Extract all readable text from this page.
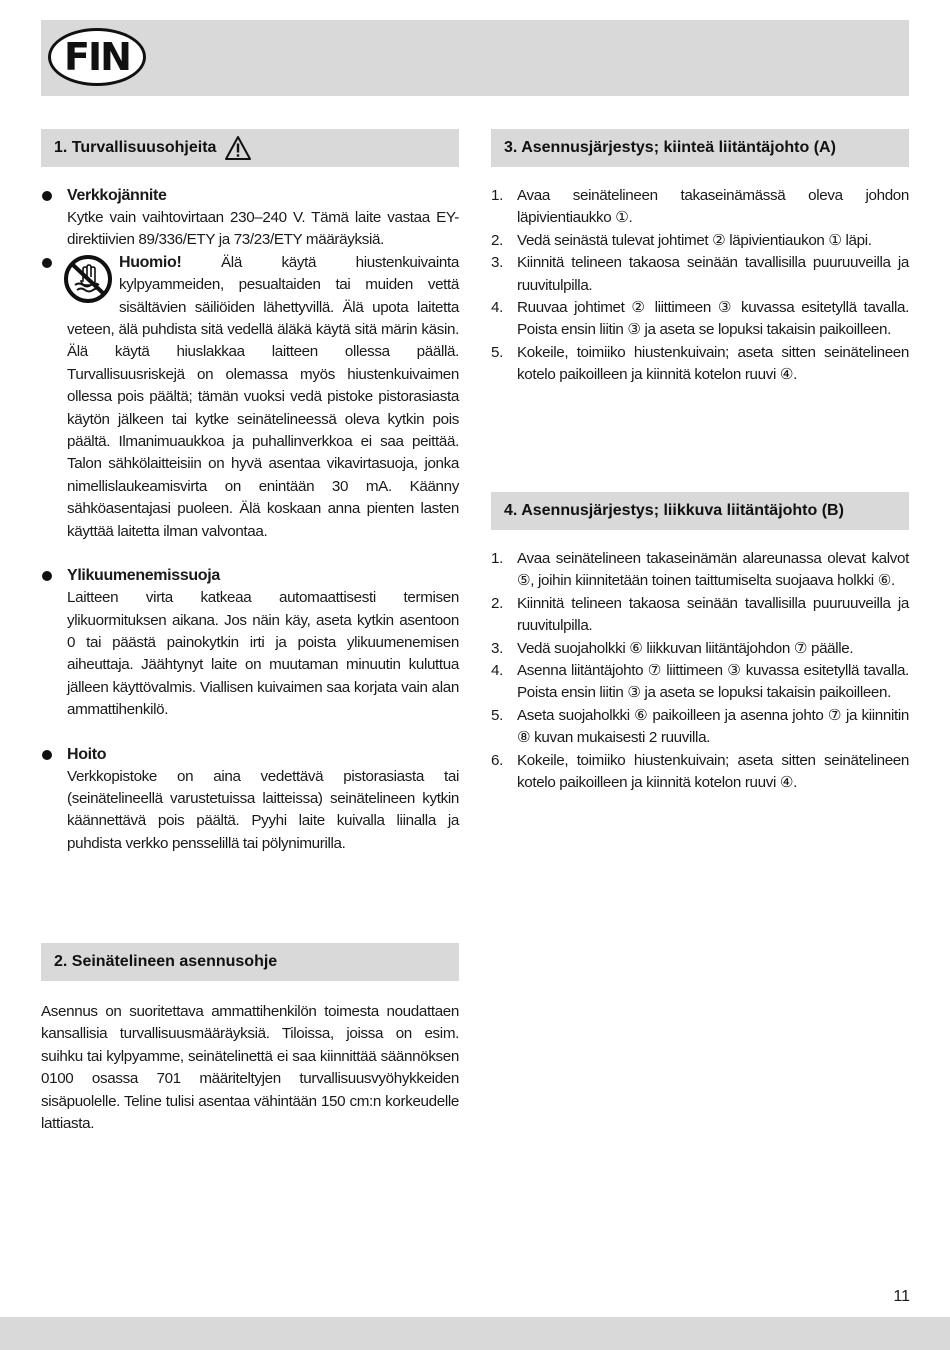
FIN
1. Turvallisuusohjeita
Verkkojännite
Kytke vain vaihtovirtaan 230–240 V. Tämä laite vastaa EY-direktiivien 89/336/ETY ja 73/23/ETY määräyksiä.
Huomio!	Älä käytä hiustenkuivainta kylpyammeiden, pesualtaiden tai muiden vettä sisältävien säiliöiden lähettyvillä. Älä upota laitetta veteen, älä puhdista sitä vedellä äläkä käytä sitä märin käsin. Älä käytä hiuslakkaa laitteen ollessa päällä. Turvallisuusriskejä on olemassa myös hiustenkuivaimen ollessa pois päältä; tämän vuoksi vedä pistoke pistorasiasta käytön jälkeen tai kytke seinätelineessä oleva kytkin pois päältä. Ilmanimuaukkoa ja puhallinverkkoa ei saa peittää. Talon sähkölaitteisiin on hyvä asentaa vikavirtasuoja, jonka nimellislaukeamisvirta on enintään 30 mA. Käänny sähköasentajasi puoleen. Älä koskaan anna pienten lasten käyttää laitetta ilman valvontaa.
Ylikuumenemissuoja
Laitteen virta katkeaa automaattisesti termisen ylikuormituksen aikana. Jos näin käy, aseta kytkin asentoon 0 tai päästä painokytkin irti ja poista ylikuumenemisen aiheuttaja. Jäähtynyt laite on muutaman minuutin kuluttua jälleen käyttövalmis. Viallisen kuivaimen saa korjata vain alan ammattihenkilö.
Hoito
Verkkopistoke on aina vedettävä pistorasiasta tai (seinätelineellä varustetuissa laitteissa) seinätelineen kytkin käännettävä pois päältä. Pyyhi laite kuivalla liinalla ja puhdista verkko pensselillä tai pölynimurilla.
2. Seinätelineen asennusohje
Asennus on suoritettava ammattihenkilön toimesta noudattaen kansallisia turvallisuusmääräyksiä. Tiloissa, joissa on esim. suihku tai kylpyamme, seinätelinettä ei saa kiinnittää säännöksen 0100 osassa 701 määriteltyjen turvallisuusvyöhykkeiden sisäpuolelle. Teline tulisi asentaa vähintään 150 cm:n korkeudelle lattiasta.
3. Asennusjärjestys; kiinteä liitäntäjohto (A)
1. Avaa seinätelineen takaseinämässä oleva johdon läpivientiaukko ①.
2. Vedä seinästä tulevat johtimet ② läpivientiaukon ① läpi.
3. Kiinnitä telineen takaosa seinään tavallisilla puuruuveilla ja ruuvitulpilla.
4. Ruuvaa johtimet ② liittimeen ③ kuvassa esitetyllä tavalla. Poista ensin liitin ③ ja aseta se lopuksi takaisin paikoilleen.
5. Kokeile, toimiiko hiustenkuivain; aseta sitten seinätelineen kotelo paikoilleen ja kiinnitä kotelon ruuvi ④.
4. Asennusjärjestys; liikkuva liitäntäjohto (B)
1. Avaa seinätelineen takaseinämän alareunassa olevat kalvot ⑤, joihin kiinnitetään toinen taittumiselta suojaava holkki ⑥.
2. Kiinnitä telineen takaosa seinään tavallisilla puuruuveilla ja ruuvitulpilla.
3. Vedä suojaholkki ⑥ liikkuvan liitäntäjohdon ⑦ päälle.
4. Asenna liitäntäjohto ⑦ liittimeen ③ kuvassa esitetyllä tavalla. Poista ensin liitin ③ ja aseta se lopuksi takaisin paikoilleen.
5. Aseta suojaholkki ⑥ paikoilleen ja asenna johto ⑦ ja kiinnitin ⑧ kuvan mukaisesti 2 ruuvilla.
6. Kokeile, toimiiko hiustenkuivain; aseta sitten seinätelineen kotelo paikoilleen ja kiinnitä kotelon ruuvi ④.
11
